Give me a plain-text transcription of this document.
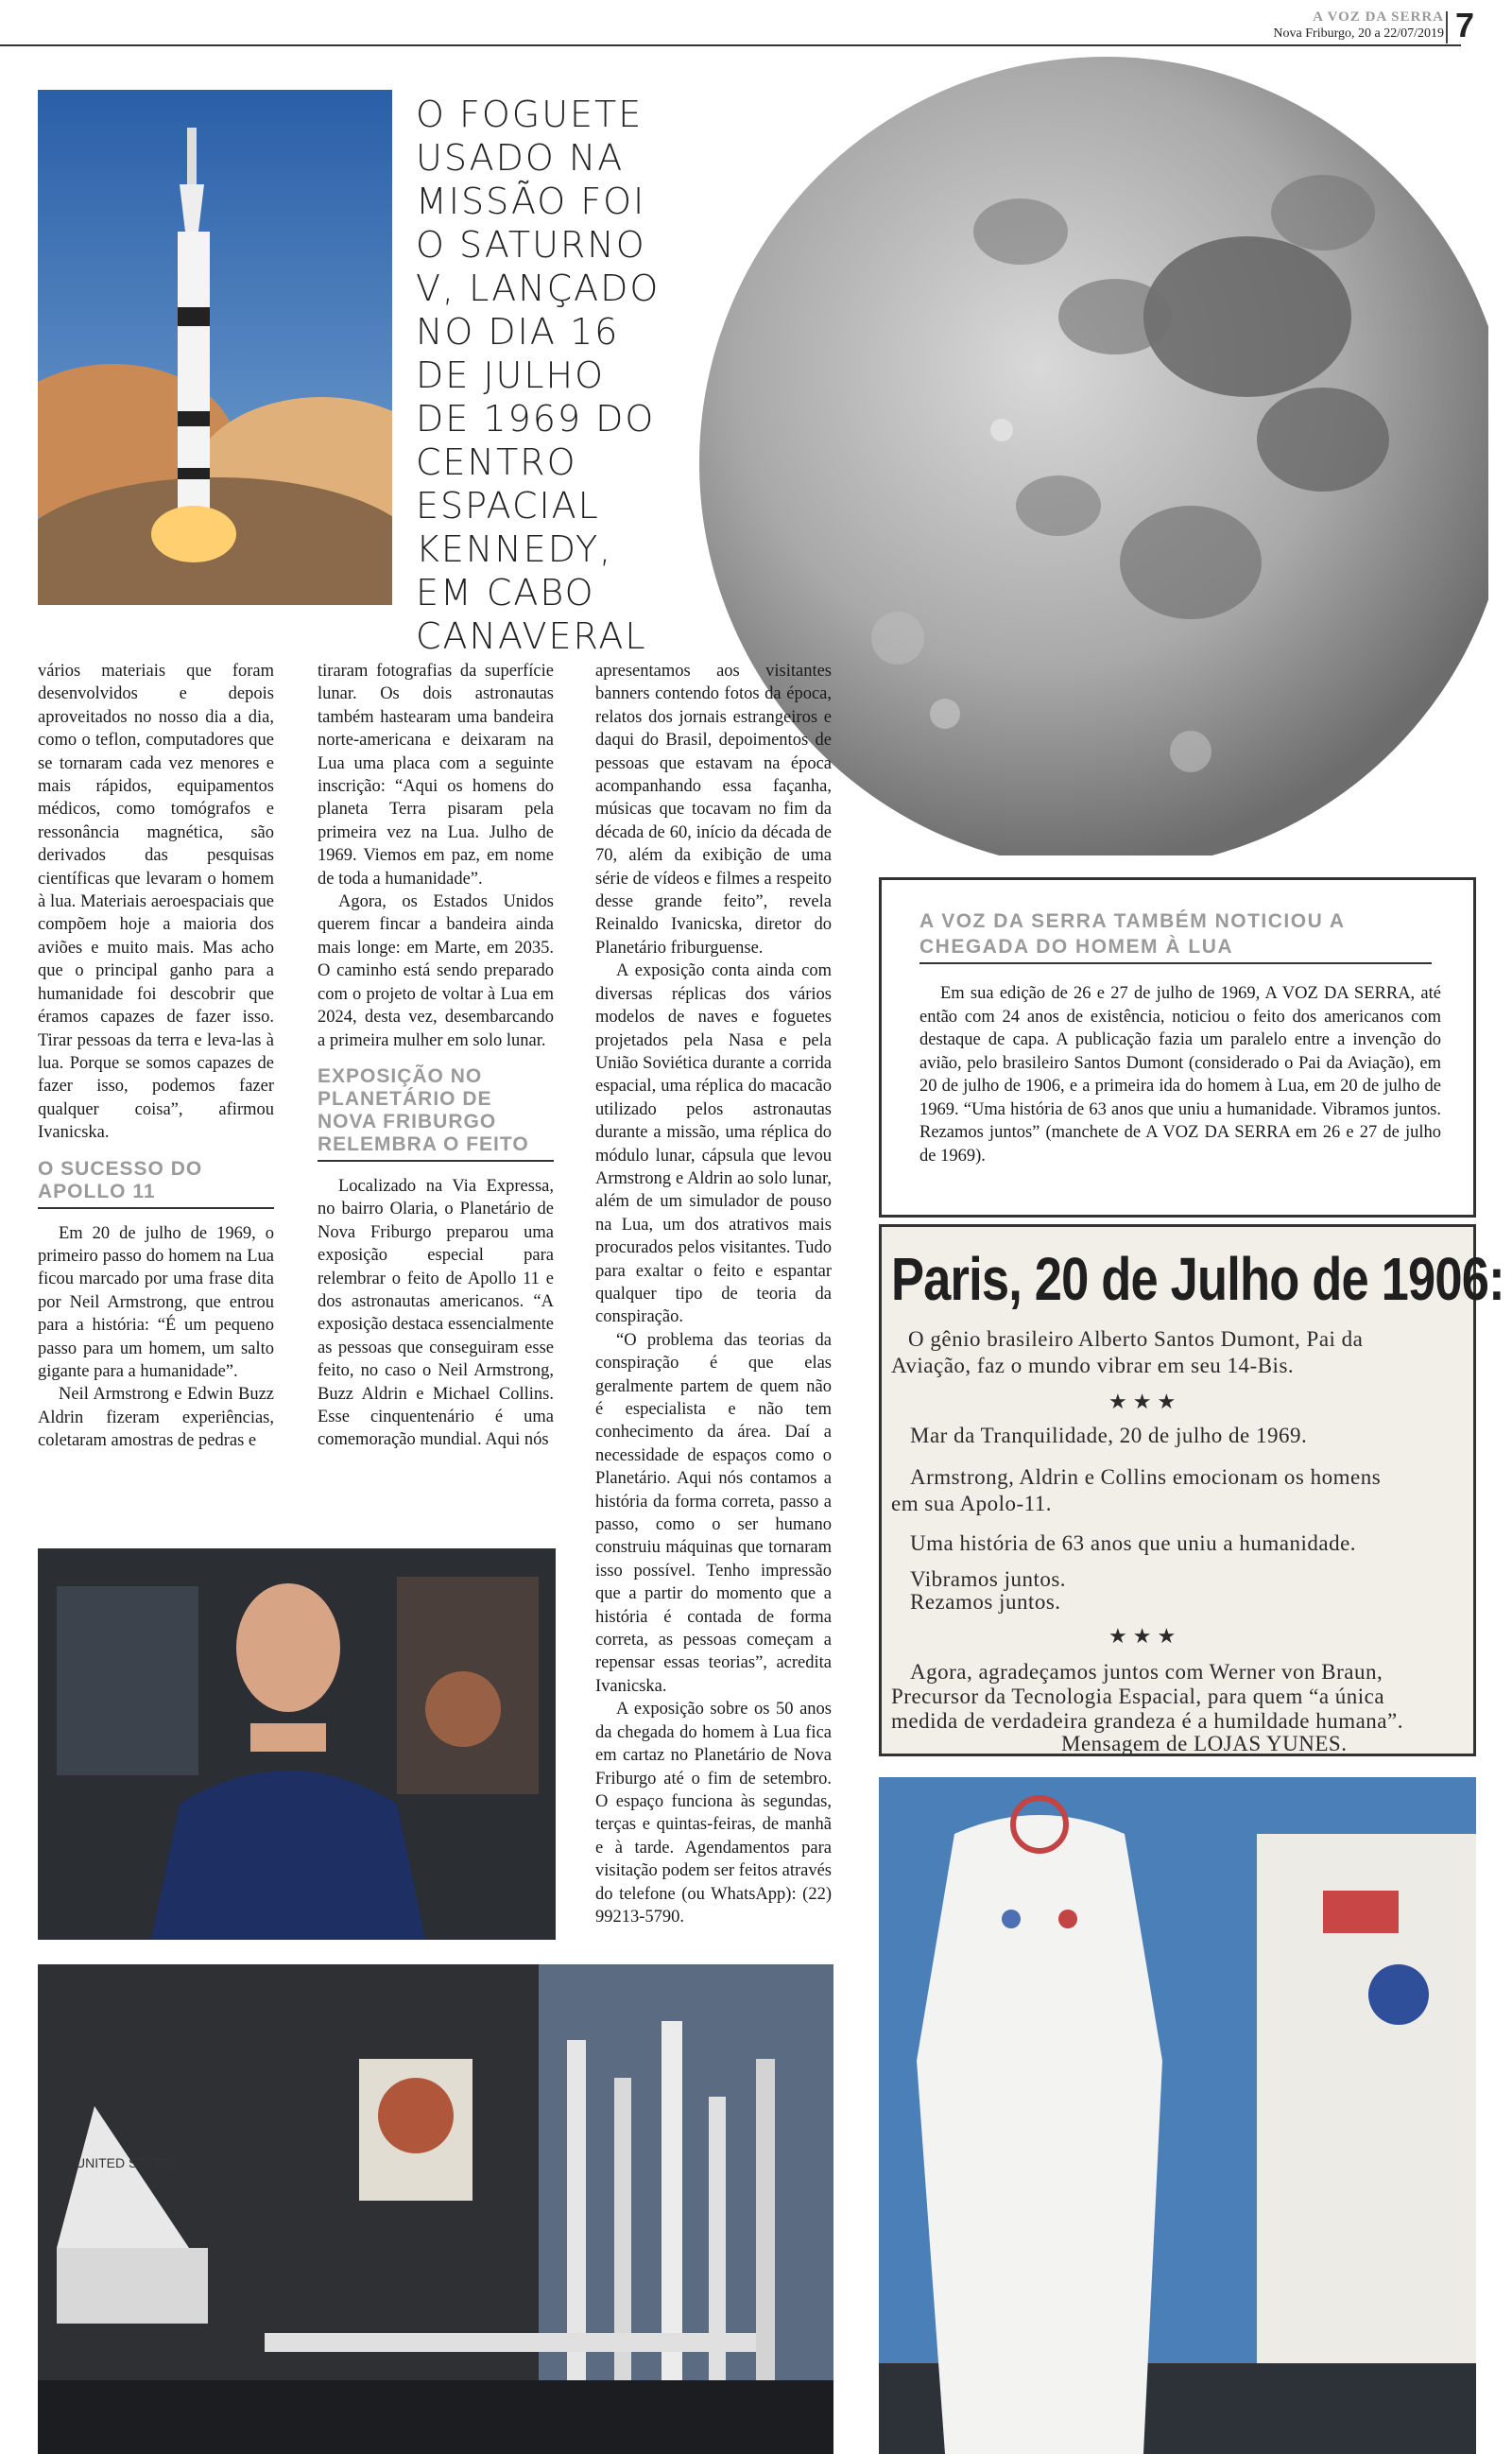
A VOZ DA SERRA
Nova Friburgo, 20 a 22/07/2019 7
O FOGUETE USADO NA MISSÃO FOI O SATURNO V, LANÇADO NO DIA 16 DE JULHO DE 1969 DO CENTRO ESPACIAL KENNEDY, EM CABO CANAVERAL

vários materiais que foram desenvolvidos e depois aproveitados no nosso dia a dia, como o teflon, computadores que se tornaram cada vez menores e mais rápidos, equipamentos médicos, como tomógrafos e ressonância magnética, são derivados das pesquisas científicas que levaram o homem à lua. Materiais aeroespaciais que compõem hoje a maioria dos aviões e muito mais. Mas acho que o principal ganho para a humanidade foi descobrir que éramos capazes de fazer isso. Tirar pessoas da terra e leva-las à lua. Porque se somos capazes de fazer isso, podemos fazer qualquer coisa”, afirmou Ivanicska.

O SUCESSO DO APOLLO 11

Em 20 de julho de 1969, o primeiro passo do homem na Lua ficou marcado por uma frase dita por Neil Armstrong, que entrou para a história: “É um pequeno passo para um homem, um salto gigante para a humanidade”.

Neil Armstrong e Edwin Buzz Aldrin fizeram experiências, coletaram amostras de pedras e

tiraram fotografias da superfície lunar. Os dois astronautas também hastearam uma bandeira norte-americana e deixaram na Lua uma placa com a seguinte inscrição: “Aqui os homens do planeta Terra pisaram pela primeira vez na Lua. Julho de 1969. Viemos em paz, em nome de toda a humanidade”.

Agora, os Estados Unidos querem fincar a bandeira ainda mais longe: em Marte, em 2035. O caminho está sendo preparado com o projeto de voltar à Lua em 2024, desta vez, desembarcando a primeira mulher em solo lunar.

EXPOSIÇÃO NO PLANETÁRIO DE NOVA FRIBURGO RELEMBRA O FEITO

Localizado na Via Expressa, no bairro Olaria, o Planetário de Nova Friburgo preparou uma exposição especial para relembrar o feito de Apollo 11 e dos astronautas americanos. “A exposição destaca essencialmente as pessoas que conseguiram esse feito, no caso o Neil Armstrong, Buzz Aldrin e Michael Collins. Esse cinquentenário é uma comemoração mundial. Aqui nós

apresentamos aos visitantes banners contendo fotos da época, relatos dos jornais estrangeiros e daqui do Brasil, depoimentos de pessoas que estavam na época acompanhando essa façanha, músicas que tocavam no fim da década de 60, início da década de 70, além da exibição de uma série de vídeos e filmes a respeito desse grande feito”, revela Reinaldo Ivanicska, diretor do Planetário friburguense.

A exposição conta ainda com diversas réplicas dos vários modelos de naves e foguetes projetados pela Nasa e pela União Soviética durante a corrida espacial, uma réplica do macacão utilizado pelos astronautas durante a missão, uma réplica do módulo lunar, cápsula que levou Armstrong e Aldrin ao solo lunar, além de um simulador de pouso na Lua, um dos atrativos mais procurados pelos visitantes. Tudo para exaltar o feito e espantar qualquer tipo de teoria da conspiração.

“O problema das teorias da conspiração é que elas geralmente partem de quem não é especialista e não tem conhecimento da área. Daí a necessidade de espaços como o Planetário. Aqui nós contamos a história da forma correta, passo a passo, como o ser humano construiu máquinas que tornaram isso possível. Tenho impressão que a partir do momento que a história é contada de forma correta, as pessoas começam a repensar essas teorias”, acredita Ivanicska.

A exposição sobre os 50 anos da chegada do homem à Lua fica em cartaz no Planetário de Nova Friburgo até o fim de setembro. O espaço funciona às segundas, terças e quintas-feiras, de manhã e à tarde. Agendamentos para visitação podem ser feitos através do telefone (ou WhatsApp): (22) 99213-5790.

A VOZ DA SERRA TAMBÉM NOTICIOU A CHEGADA DO HOMEM À LUA
Em sua edição de 26 e 27 de julho de 1969, A VOZ DA SERRA, até então com 24 anos de existência, noticiou o feito dos americanos com destaque de capa. A publicação fazia um paralelo entre a invenção do avião, pelo brasileiro Santos Dumont (considerado o Pai da Aviação), em 20 de julho de 1906, e a primeira ida do homem à Lua, em 20 de julho de 1969. “Uma história de 63 anos que uniu a humanidade. Vibramos juntos. Rezamos juntos” (manchete de A VOZ DA SERRA em 26 e 27 de julho de 1969).
Paris, 20 de Julho de 1906:
O gênio brasileiro Alberto Santos Dumont, Pai da
Aviação, faz o mundo vibrar em seu 14-Bis.
★★★
Mar da Tranquilidade, 20 de julho de 1969.
Armstrong, Aldrin e Collins emocionam os homens
em sua Apolo-11.
Uma história de 63 anos que uniu a humanidade.
Vibramos juntos.
Rezamos juntos.
★★★
Agora, agradeçamos juntos com Werner von Braun,
Precursor da Tecnologia Espacial, para quem “a única
medida de verdadeira grandeza é a humildade humana”.
Mensagem de LOJAS YUNES.
UNITED STATES
